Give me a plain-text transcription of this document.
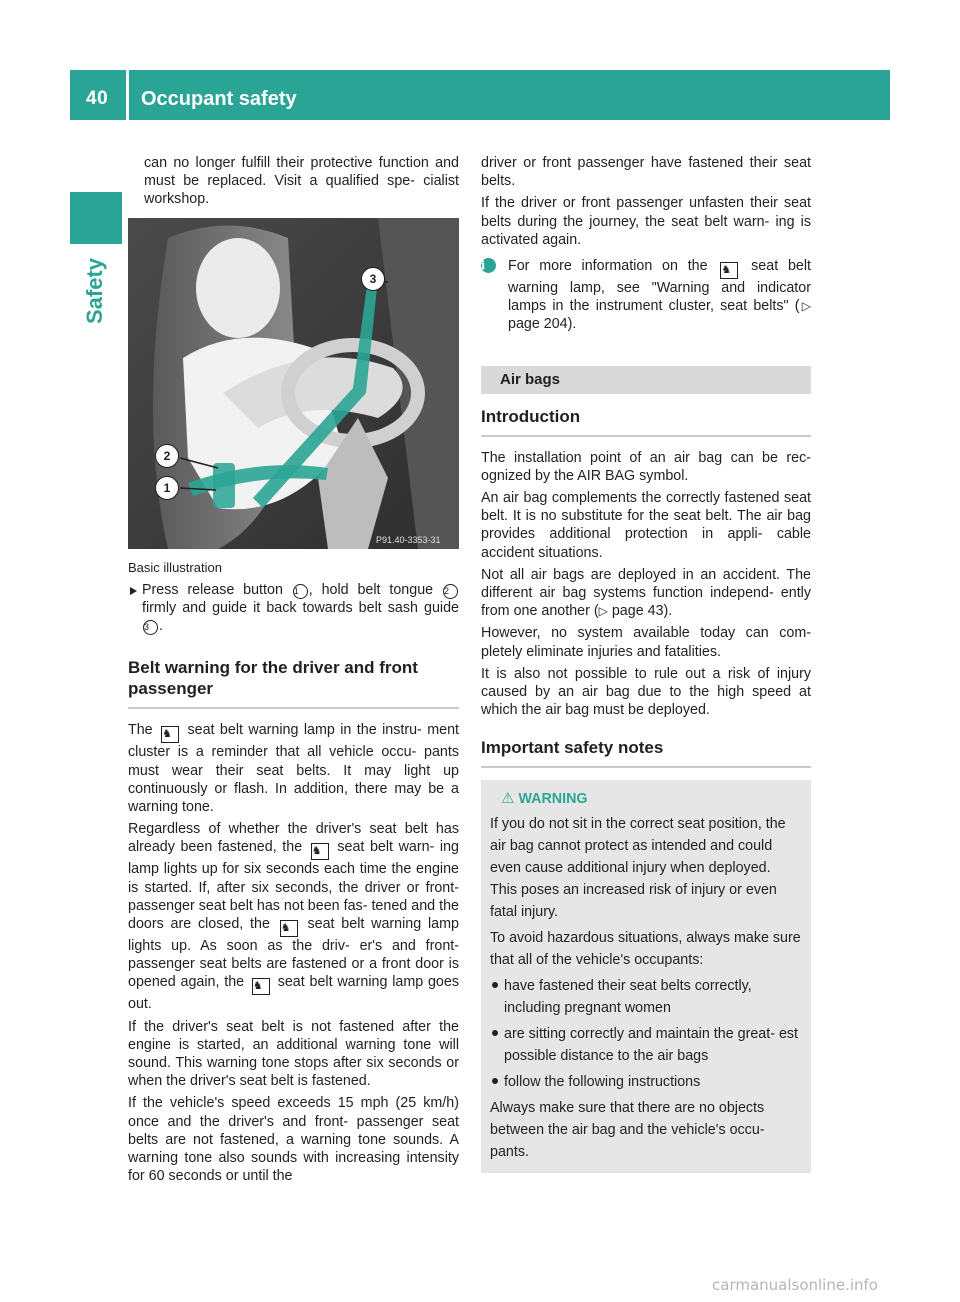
40 Occupant safety
Safety

can no longer fulfill their protective function and must be replaced. Visit a qualified spe- cialist workshop.

3
2
1
P91.40-3353-31

Basic illustration

Press release button 1 , hold belt tongue 2 firmly and guide it back towards belt sash guide 3 .

Belt warning for the driver and front passenger

The ♞ seat belt warning lamp in the instru- ment cluster is a reminder that all vehicle occu- pants must wear their seat belts. It may light up continuously or flash. In addition, there may be a warning tone.

Regardless of whether the driver's seat belt has already been fastened, the ♞ seat belt warn- ing lamp lights up for six seconds each time the engine is started. If, after six seconds, the driver or front-passenger seat belt has not been fas- tened and the doors are closed, the ♞ seat belt warning lamp lights up. As soon as the driv- er's and front-passenger seat belts are fastened or a front door is opened again, the ♞ seat belt warning lamp goes out.

If the driver's seat belt is not fastened after the engine is started, an additional warning tone will sound. This warning tone stops after six seconds or when the driver's seat belt is fastened.

If the vehicle's speed exceeds 15 mph (25 km/h) once and the driver's and front- passenger seat belts are not fastened, a warning tone sounds. A warning tone also sounds with increasing intensity for 60 seconds or until the

driver or front passenger have fastened their seat belts.

If the driver or front passenger unfasten their seat belts during the journey, the seat belt warn- ing is activated again.

i	For more information on the ♞ seat belt warning lamp, see "Warning and indicator lamps in the instrument cluster, seat belts" (▷ page 204).

Air bags

Introduction

The installation point of an air bag can be rec- ognized by the AIR BAG symbol.

An air bag complements the correctly fastened seat belt. It is no substitute for the seat belt. The air bag provides additional protection in appli- cable accident situations.

Not all air bags are deployed in an accident. The different air bag systems function independ- ently from one another (▷ page 43).

However, no system available today can com- pletely eliminate injuries and fatalities.

It is also not possible to rule out a risk of injury caused by an air bag due to the high speed at which the air bag must be deployed.

Important safety notes

⚠ WARNING

If you do not sit in the correct seat position, the air bag cannot protect as intended and could even cause additional injury when deployed. This poses an increased risk of injury or even fatal injury.

To avoid hazardous situations, always make sure that all of the vehicle's occupants:

have fastened their seat belts correctly, including pregnant women

are sitting correctly and maintain the great- est possible distance to the air bags

follow the following instructions

Always make sure that there are no objects between the air bag and the vehicle's occu- pants.

carmanualsonline.info
